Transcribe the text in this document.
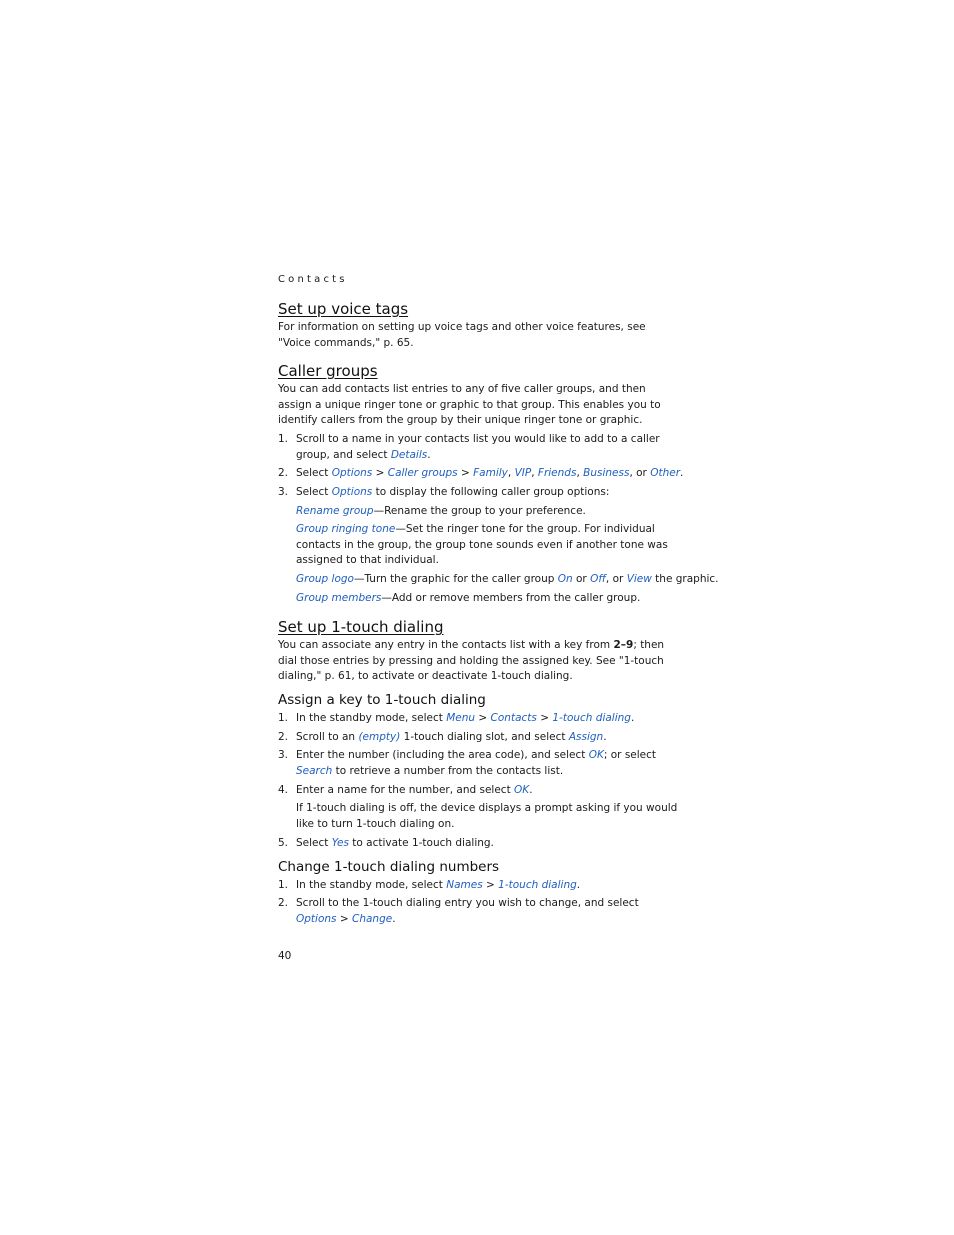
Contacts
Set up voice tags
For information on setting up voice tags and other voice features, see "Voice commands," p. 65.
Caller groups
You can add contacts list entries to any of five caller groups, and then assign a unique ringer tone or graphic to that group. This enables you to identify callers from the group by their unique ringer tone or graphic.
1. Scroll to a name in your contacts list you would like to add to a caller group, and select Details.
2. Select Options > Caller groups > Family, VIP, Friends, Business, or Other.
3. Select Options to display the following caller group options:
Rename group—Rename the group to your preference.
Group ringing tone—Set the ringer tone for the group. For individual contacts in the group, the group tone sounds even if another tone was assigned to that individual.
Group logo—Turn the graphic for the caller group On or Off, or View the graphic.
Group members—Add or remove members from the caller group.
Set up 1-touch dialing
You can associate any entry in the contacts list with a key from 2–9; then dial those entries by pressing and holding the assigned key. See "1-touch dialing," p. 61, to activate or deactivate 1-touch dialing.
Assign a key to 1-touch dialing
1. In the standby mode, select Menu > Contacts > 1-touch dialing.
2. Scroll to an (empty) 1-touch dialing slot, and select Assign.
3. Enter the number (including the area code), and select OK; or select Search to retrieve a number from the contacts list.
4. Enter a name for the number, and select OK.
If 1-touch dialing is off, the device displays a prompt asking if you would like to turn 1-touch dialing on.
5. Select Yes to activate 1-touch dialing.
Change 1-touch dialing numbers
1. In the standby mode, select Names > 1-touch dialing.
2. Scroll to the 1-touch dialing entry you wish to change, and select Options > Change.
40
